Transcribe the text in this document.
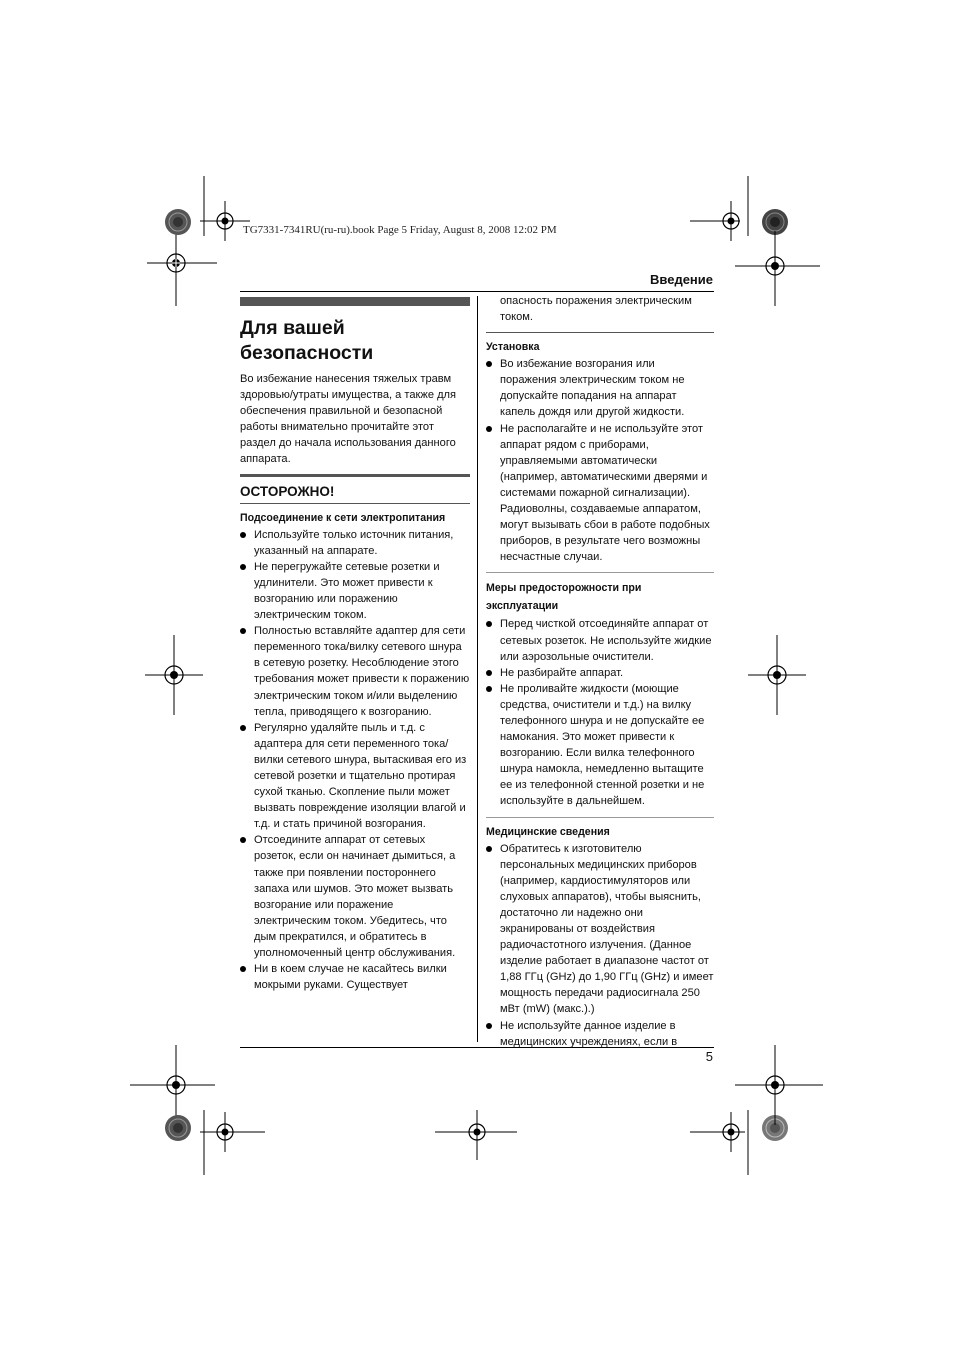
TG7331-7341RU(ru-ru).book Page 5 Friday, August 8, 2008 12:02 PM
Введение
5
Для вашей
безопасности

Во избежание нанесения тяжелых травм здоровью/утраты имущества, а также для обеспечения правильной и безопасной работы внимательно прочитайте этот раздел до начала использования данного аппарата.

ОСТОРОЖНО!
Подсоединение к сети электропитания
Используйте только источник питания, указанный на аппарате.
Не перегружайте сетевые розетки и удлинители. Это может привести к возгоранию или поражению электрическим током.
Полностью вставляйте адаптер для сети переменного тока/вилку сетевого шнура в сетевую розетку. Несоблюдение этого требования может привести к поражению электрическим током и/или выделению тепла, приводящего к возгоранию.
Регулярно удаляйте пыль и т.д. с адаптера для сети переменного тока/вилки сетевого шнура, вытаскивая его из сетевой розетки и тщательно протирая сухой тканью. Скопление пыли может вызвать повреждение изоляции влагой и т.д. и стать причиной возгорания.
Отсоедините аппарат от сетевых розеток, если он начинает дымиться, а также при появлении постороннего запаха или шумов. Это может вызвать возгорание или поражение электрическим током. Убедитесь, что дым прекратился, и обратитесь в уполномоченный центр обслуживания.
Ни в коем случае не касайтесь вилки мокрыми руками. Существует

опасность поражения электрическим током.

Установка
Во избежание возгорания или поражения электрическим током не допускайте попадания на аппарат капель дождя или другой жидкости.
Не располагайте и не используйте этот аппарат рядом с приборами, управляемыми автоматически (например, автоматическими дверями и системами пожарной сигнализации). Радиоволны, создаваемые аппаратом, могут вызывать сбои в работе подобных приборов, в результате чего возможны несчастные случаи.
Меры предосторожности при эксплуатации
Перед чисткой отсоединяйте аппарат от сетевых розеток. Не используйте жидкие или аэрозольные очистители.
Не разбирайте аппарат.
Не проливайте жидкости (моющие средства, очистители и т.д.) на вилку телефонного шнура и не допускайте ее намокания. Это может привести к возгоранию. Если вилка телефонного шнура намокла, немедленно вытащите ее из телефонной стенной розетки и не используйте в дальнейшем.
Медицинские сведения
Обратитесь к изготовителю персональных медицинских приборов (например, кардиостимуляторов или слуховых аппаратов), чтобы выяснить, достаточно ли надежно они экранированы от воздействия радиочастотного излучения. (Данное изделие работает в диапазоне частот от 1,88 ГГц (GHz) до 1,90 ГГц (GHz) и имеет мощность передачи радиосигнала 250 мВт (mW) (макс.).)
Не используйте данное изделие в медицинских учреждениях, если в
